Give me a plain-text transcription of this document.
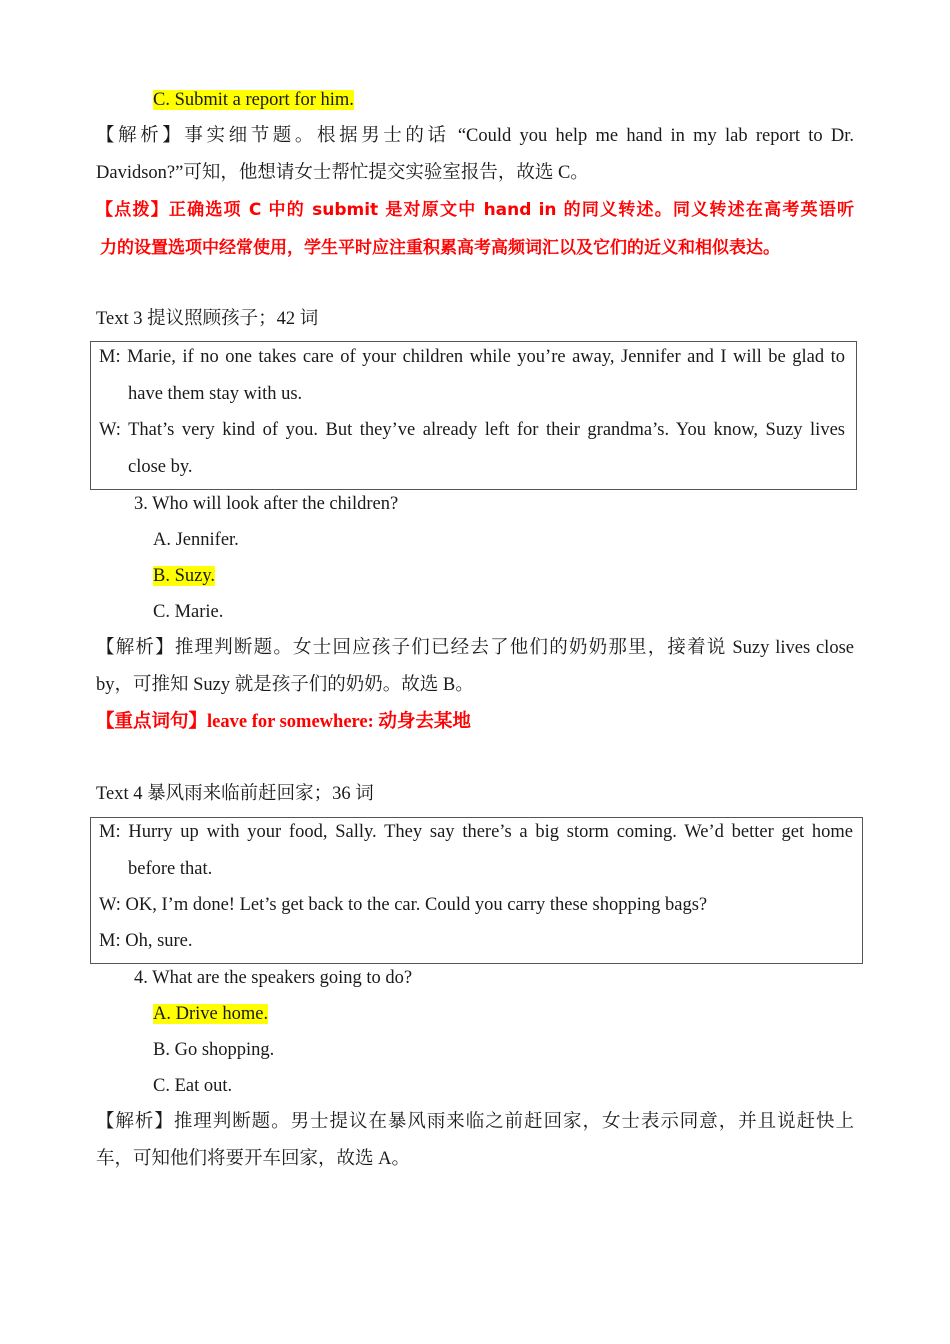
C. Submit a report for him.
【解析】事实细节题。根据男士的话 “Could you help me hand in my lab report to Dr.
Davidson?”可知，他想请女士帮忙提交实验室报告，故选 C。
【点拨】正确选项 C 中的 submit 是对原文中 hand in 的同义转述。同义转述在高考英语听
力的设置选项中经常使用，学生平时应注重积累高考高频词汇以及它们的近义和相似表达。
Text 3 提议照顾孩子；42 词
M: Marie, if no one takes care of your children while you’re away, Jennifer and I will be glad to
have them stay with us.
W: That’s very kind of you. But they’ve already left for their grandma’s. You know, Suzy lives
close by.
3. Who will look after the children?
A. Jennifer.
B. Suzy.
C. Marie.
【解析】推理判断题。女士回应孩子们已经去了他们的奶奶那里，接着说 Suzy lives close
by，可推知 Suzy 就是孩子们的奶奶。故选 B。
【重点词句】leave for somewhere: 动身去某地
Text 4 暴风雨来临前赶回家；36 词
M: Hurry up with your food, Sally. They say there’s a big storm coming. We’d better get home
before that.
W: OK, I’m done! Let’s get back to the car. Could you carry these shopping bags?
M: Oh, sure.
4. What are the speakers going to do?
A. Drive home.
B. Go shopping.
C. Eat out.
【解析】推理判断题。男士提议在暴风雨来临之前赶回家，女士表示同意，并且说赶快上
车，可知他们将要开车回家，故选 A。
